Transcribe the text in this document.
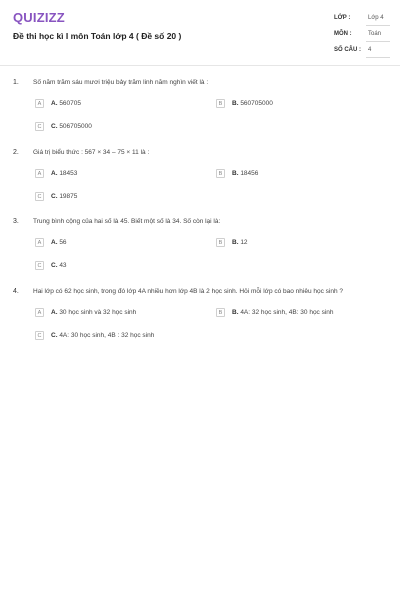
QUIZIZZ
Đề thi học kì I môn Toán lớp 4 ( Đề số 20 )
LỚP :	Lớp 4
MÔN :	Toán
SỐ CÂU : 4
1. Số năm trăm sáu mươi triệu bảy trăm linh năm nghìn viết là :
A	A. 560705	B	B. 560705000
C	C. 506705000
2. Giá trị biểu thức : 567 × 34 – 75 × 11 là :
A	A. 18453	B	B. 18456
C	C. 19875
3. Trung bình cộng của hai số là 45. Biết một số là 34. Số còn lại là:
A	A. 56	B	B. 12
C	C. 43
4. Hai lớp có 62 học sinh, trong đó lớp 4A nhiều hơn lớp 4B là 2 học sinh. Hỏi mỗi lớp có bao nhiêu học sinh ?
A	A. 30 học sinh và 32 học sinh	B	B. 4A: 32 học sinh, 4B: 30 học sinh
C	C. 4A: 30 học sinh, 4B : 32 học sinh
